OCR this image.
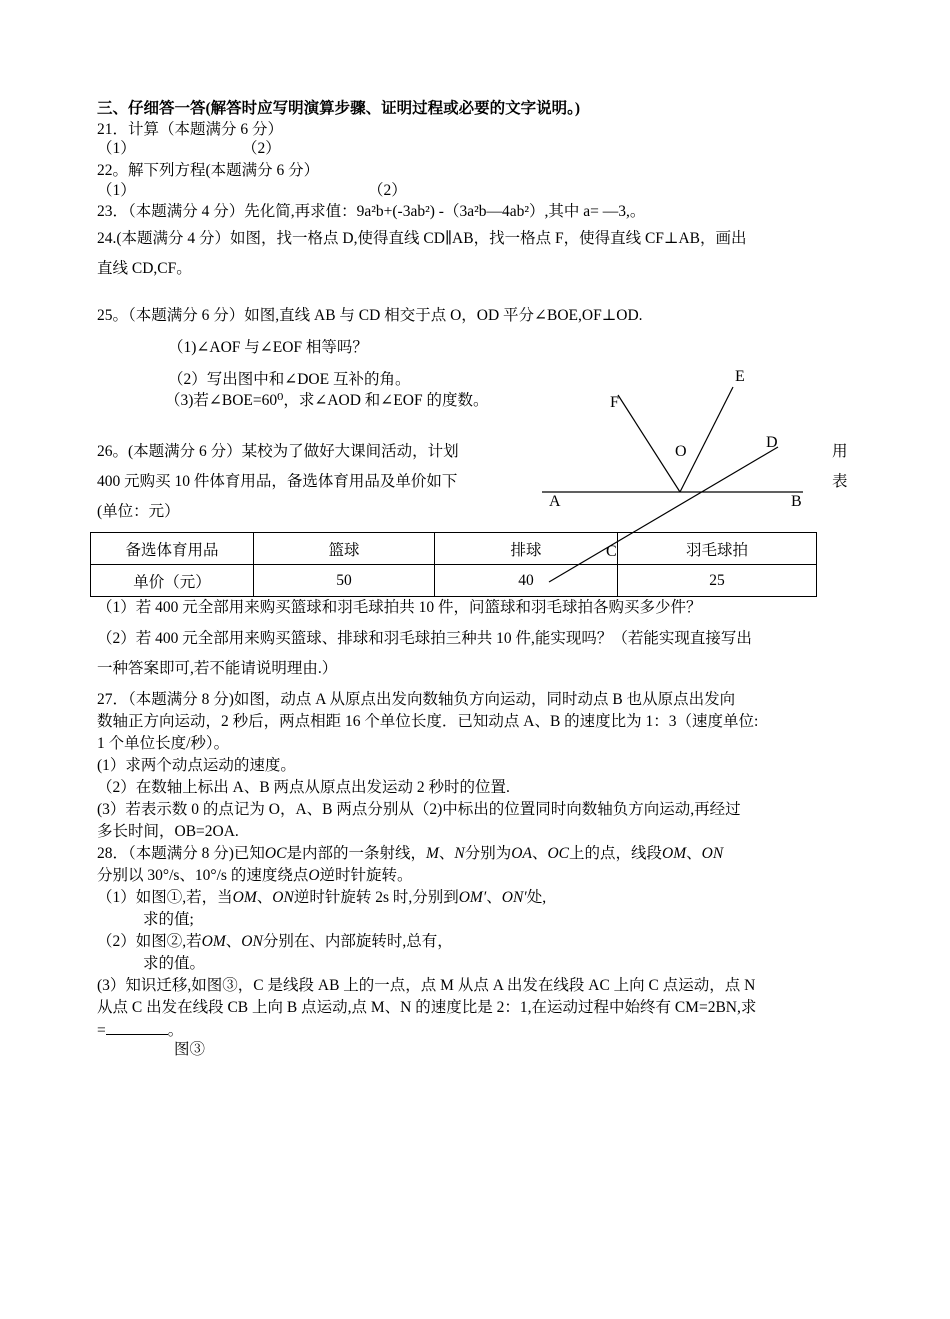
三、仔细答一答(解答时应写明演算步骤、证明过程或必要的文字说明。)
21．计算（本题满分 6 分）
（1）	（2）
22。解下列方程(本题满分 6 分）
（1）	（2）
23．（本题满分 4 分）先化简,再求值：9a²b+(-3ab²) -（3a²b—4ab²）,其中 a= —3,。
24.(本题满分 4 分）如图，找一格点 D,使得直线 CD∥AB，找一格点 F，使得直线 CF⊥AB，画出
直线 CD,CF。
25。（本题满分 6 分）如图,直线 AB 与 CD 相交于点 O，OD 平分∠BOE,OF⊥OD.
（1)∠AOF 与∠EOF 相等吗？
（2）写出图中和∠DOE 互补的角。
（3)若∠BOE=60⁰，求∠AOD 和∠EOF 的度数。
26。(本题满分 6 分）某校为了做好大课间活动，计划	用
400 元购买 10 件体育用品，备选体育用品及单价如下	表
(单位：元）
备选体育用品	篮球	排球	羽毛球拍
单价（元）	50	40	25
E
F
O
D
A	B
C
（1）若 400 元全部用来购买篮球和羽毛球拍共 10 件，问篮球和羽毛球拍各购买多少件？
（2）若 400 元全部用来购买篮球、排球和羽毛球拍三种共 10 件,能实现吗？（若能实现直接写出
一种答案即可,若不能请说明理由.）
27．（本题满分 8 分)如图，动点 A 从原点出发向数轴负方向运动，同时动点 B 也从原点出发向
数轴正方向运动，2 秒后，两点相距 16 个单位长度．已知动点 A、B 的速度比为 1：3（速度单位:
1 个单位长度/秒）。
(1）求两个动点运动的速度。
（2）在数轴上标出 A、B 两点从原点出发运动 2 秒时的位置.
(3）若表示数 0 的点记为 O，A、B 两点分别从（2)中标出的位置同时向数轴负方向运动,再经过
多长时间，OB=2OA.
28．（本题满分 8 分)已知OC是内部的一条射线，M、N分别为OA、OC上的点，线段OM、ON
分别以 30°/s、10°/s 的速度绕点O逆时针旋转。
（1）如图①,若，当OM、ON逆时针旋转 2s 时,分别到OM′、ON′处,
求的值;
（2）如图②,若OM、ON分别在、内部旋转时,总有，
求的值。
(3）知识迁移,如图③，C 是线段 AB 上的一点，点 M 从点 A 出发在线段 AC 上向 C 点运动，点 N
从点 C 出发在线段 CB 上向 B 点运动,点 M、N 的速度比是 2：1,在运动过程中始终有 CM=2BN,求
=	。
图③
